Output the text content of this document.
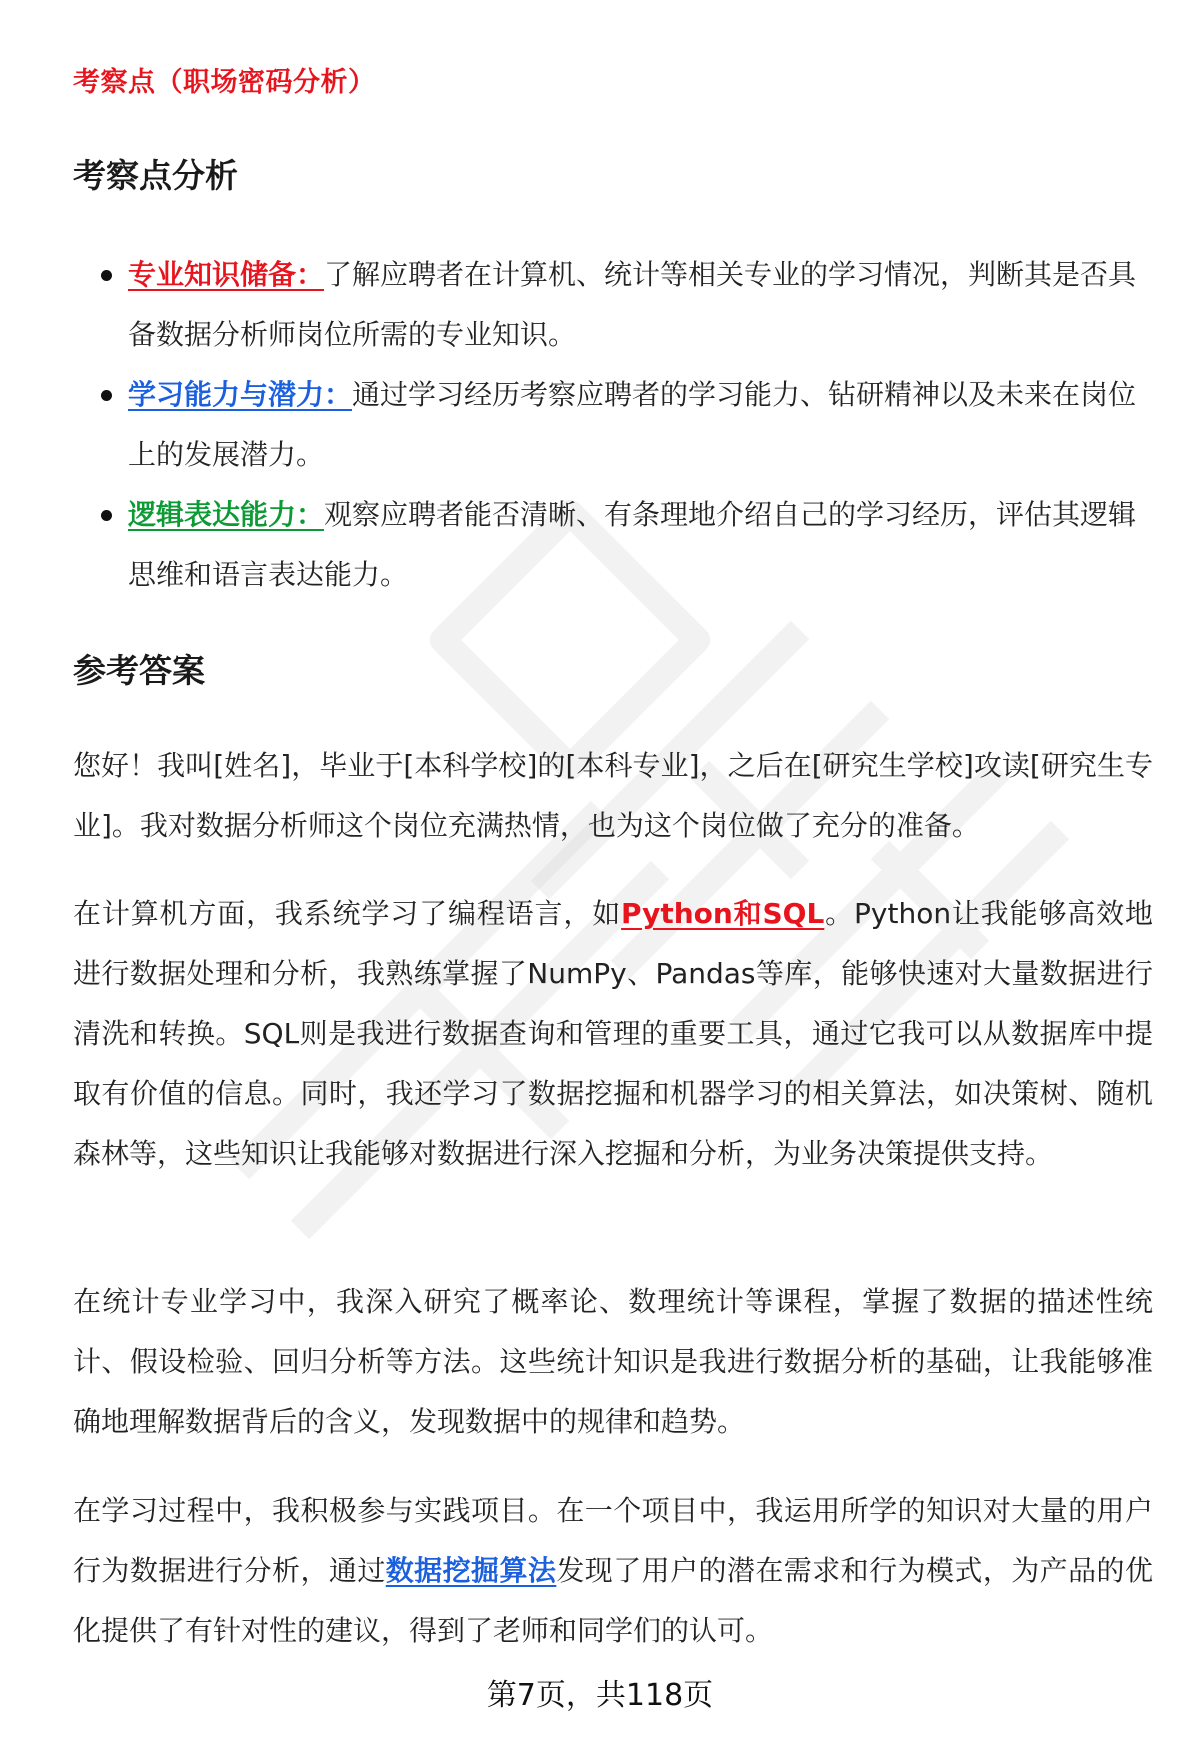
考察点（职场密码分析）
考察点分析
专业知识储备：了解应聘者在计算机、统计等相关专业的学习情况，判断其是否具备数据分析师岗位所需的专业知识。
学习能力与潜力：通过学习经历考察应聘者的学习能力、钻研精神以及未来在岗位上的发展潜力。
逻辑表达能力：观察应聘者能否清晰、有条理地介绍自己的学习经历，评估其逻辑思维和语言表达能力。
参考答案

您好！我叫[姓名]，毕业于[本科学校]的[本科专业]，之后在[研究生学校]攻读[研究生专业]。我对数据分析师这个岗位充满热情，也为这个岗位做了充分的准备。

在计算机方面，我系统学习了编程语言，如Python和SQL。Python让我能够高效地进行数据处理和分析，我熟练掌握了NumPy、Pandas等库，能够快速对大量数据进行清洗和转换。SQL则是我进行数据查询和管理的重要工具，通过它我可以从数据库中提取有价值的信息。同时，我还学习了数据挖掘和机器学习的相关算法，如决策树、随机森林等，这些知识让我能够对数据进行深入挖掘和分析，为业务决策提供支持。

在统计专业学习中，我深入研究了概率论、数理统计等课程，掌握了数据的描述性统计、假设检验、回归分析等方法。这些统计知识是我进行数据分析的基础，让我能够准确地理解数据背后的含义，发现数据中的规律和趋势。

在学习过程中，我积极参与实践项目。在一个项目中，我运用所学的知识对大量的用户行为数据进行分析，通过数据挖掘算法发现了用户的潜在需求和行为模式，为产品的优化提供了有针对性的建议，得到了老师和同学们的认可。

第7页，共118页
